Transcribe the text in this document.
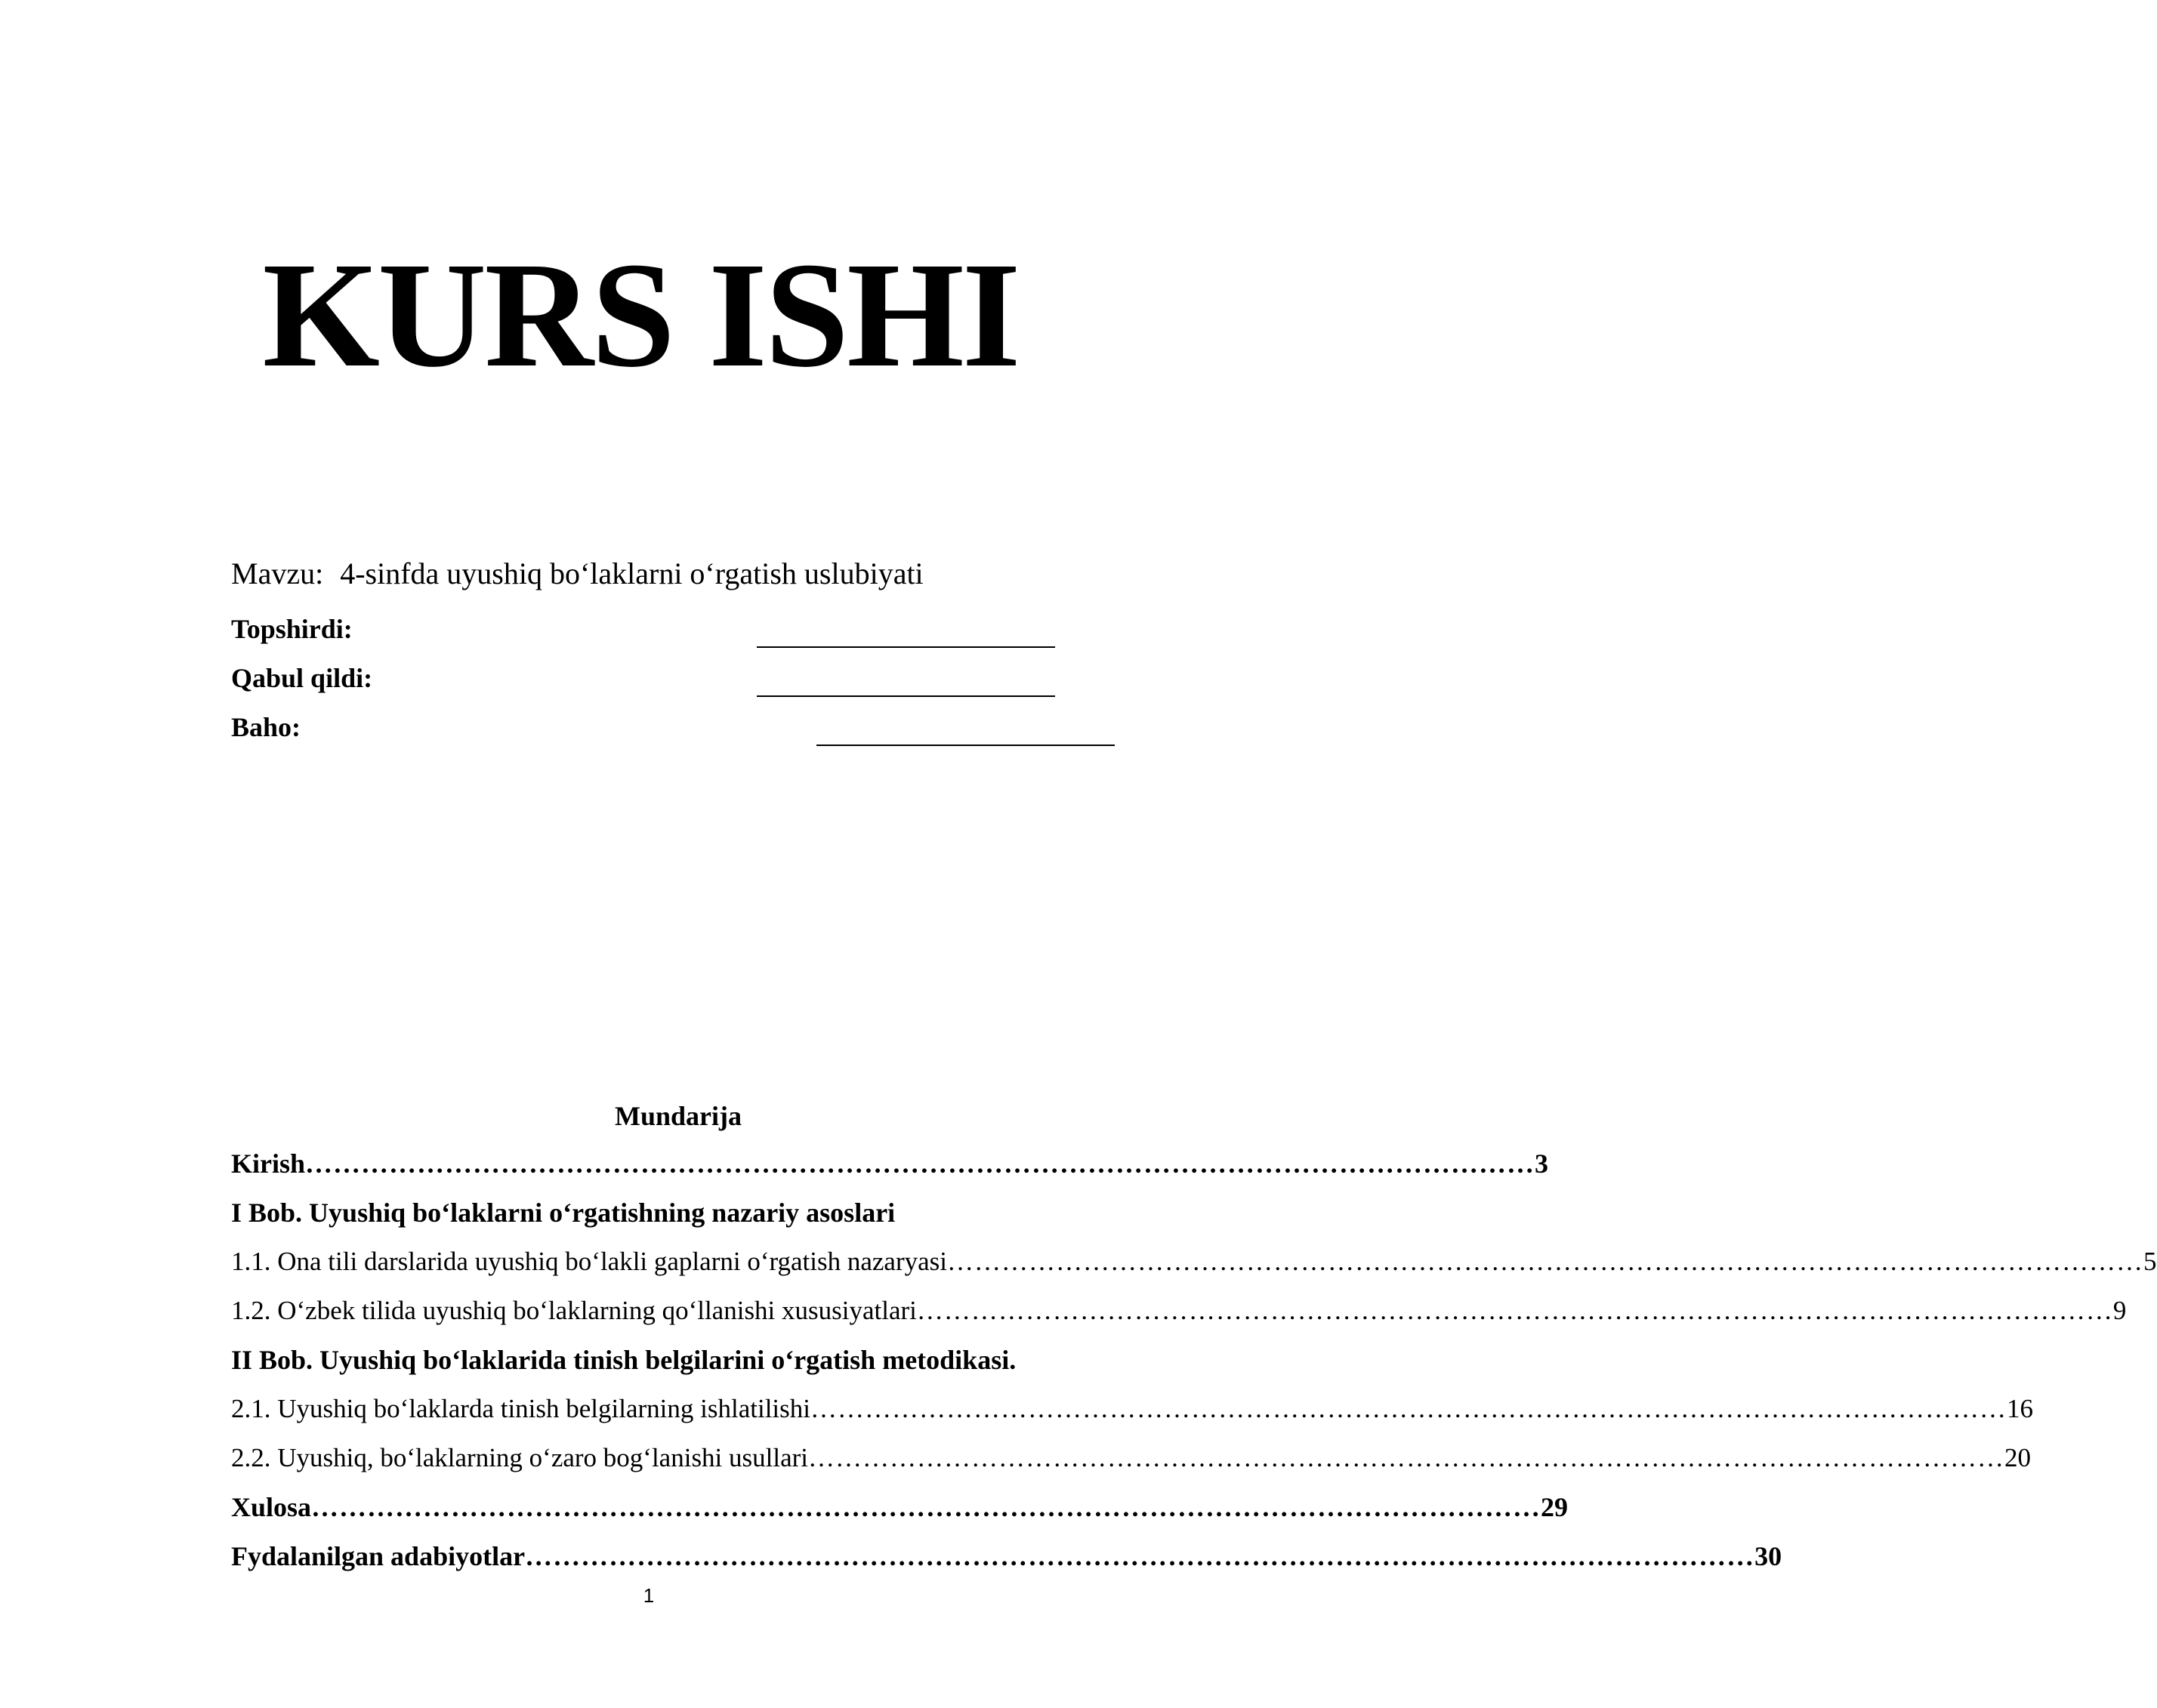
KURS ISHI
Mavzu: 4-sinfda uyushiq bo‘laklarni o‘rgatish uslubiyati
Topshirdi:
Qabul qildi:
Baho:
Mundarija
Kirish …………………………………………………………………………………………………………………… 3
I Bob. Uyushiq bo‘laklarni o‘rgatishning nazariy asoslari
1.1. Ona tili darslarida uyushiq bo‘lakli gaplarni o‘rgatish nazaryasi …………………………………………………………………………………………………………………… 5
1.2. O‘zbek tilida uyushiq bo‘laklarning qo‘llanishi xususiyatlari …………………………………………………………………………………………………………………… 9
II Bob. Uyushiq bo‘laklarida tinish belgilarini o‘rgatish metodikasi.
2.1. Uyushiq bo‘laklarda tinish belgilarning ishlatilishi …………………………………………………………………………………………………………………… 16
2.2. Uyushiq, bo‘laklarning o‘zaro bog‘lanishi usullari …………………………………………………………………………………………………………………… 20
Xulosa …………………………………………………………………………………………………………………… 29
Fydalanilgan adabiyotlar …………………………………………………………………………………………………………………… 30
1
